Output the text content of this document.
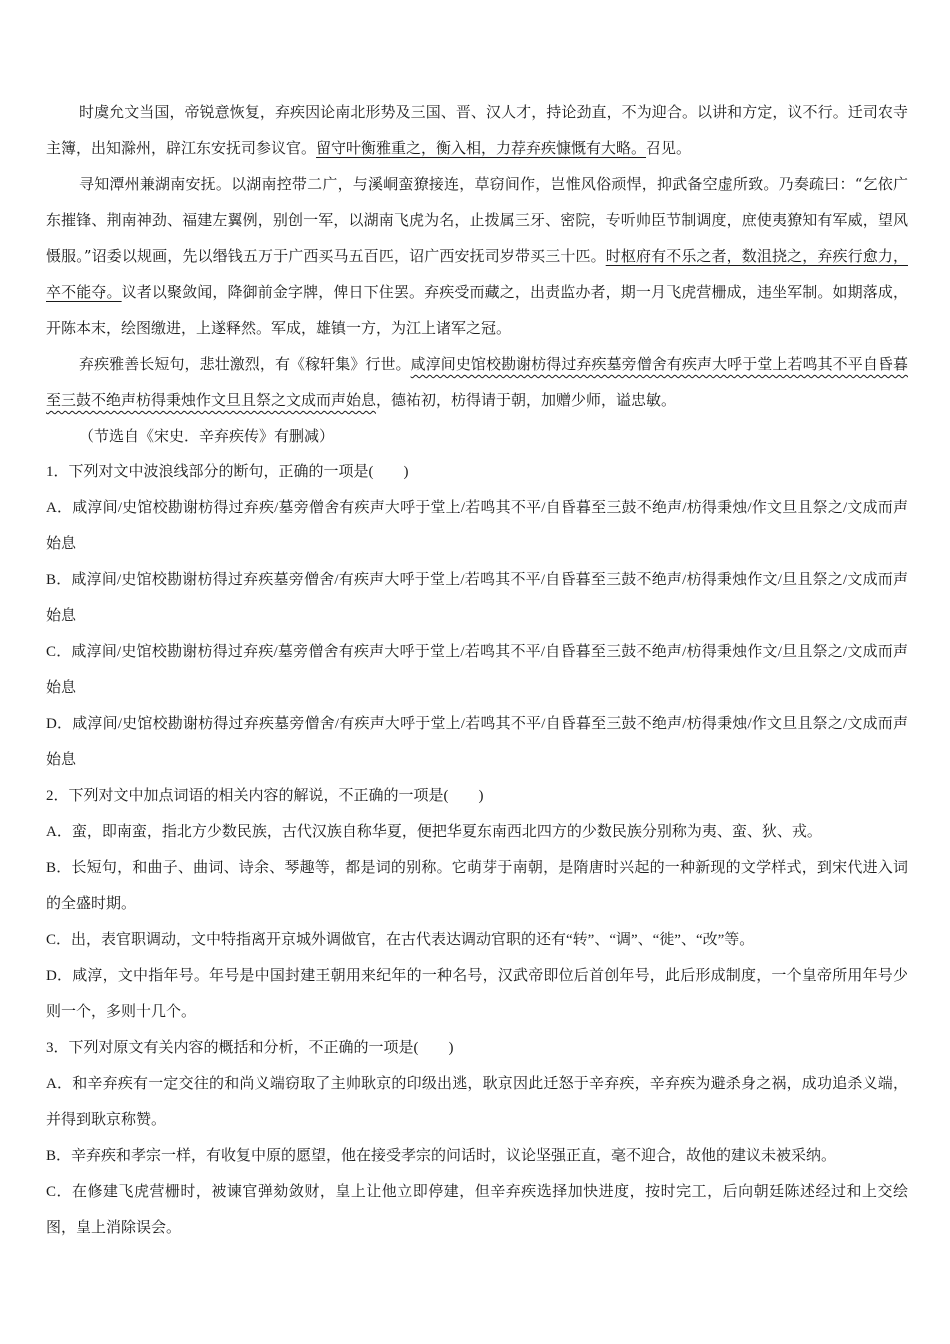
时虞允文当国，帝锐意恢复，弃疾因论南北形势及三国、晋、汉人才，持论劲直，不为迎合。以讲和方定，议不行。迁司农寺主簿，出知滁州，辟江东安抚司参议官。留守叶衡雅重之，衡入相，力荐弃疾慷慨有大略。召见。

寻知潭州兼湖南安抚。以湖南控带二广，与溪峒蛮獠接连，草窃间作，岂惟风俗顽悍，抑武备空虚所致。乃奏疏曰：“乞依广东摧锋、荆南神劲、福建左翼例，别创一军，以湖南飞虎为名，止拨属三牙、密院，专听帅臣节制调度，庶使夷獠知有军威，望风慑服。”诏委以规画，先以缗钱五万于广西买马五百匹，诏广西安抚司岁带买三十匹。时枢府有不乐之者，数沮挠之，弃疾行愈力，卒不能夺。议者以聚敛闻，降御前金字牌，俾日下住罢。弃疾受而藏之，出责监办者，期一月飞虎营栅成，违坐军制。如期落成，开陈本末，绘图缴进，上遂释然。军成，雄镇一方，为江上诸军之冠。

弃疾雅善长短句，悲壮激烈，有《稼轩集》行世。咸淳间史馆校勘谢枋得过弃疾墓旁僧舍有疾声大呼于堂上若鸣其不平自昏暮至三鼓不绝声枋得秉烛作文旦且祭之文成而声始息，德祐初，枋得请于朝，加赠少师，谥忠敏。

（节选自《宋史．辛弃疾传》有删减）

1．下列对文中波浪线部分的断句，正确的一项是(　　)

A．咸淳间/史馆校勘谢枋得过弃疾/墓旁僧舍有疾声大呼于堂上/若鸣其不平/自昏暮至三鼓不绝声/枋得秉烛/作文旦且祭之/文成而声始息

B．咸淳间/史馆校勘谢枋得过弃疾墓旁僧舍/有疾声大呼于堂上/若鸣其不平/自昏暮至三鼓不绝声/枋得秉烛作文/旦且祭之/文成而声始息

C．咸淳间/史馆校勘谢枋得过弃疾/墓旁僧舍有疾声大呼于堂上/若鸣其不平/自昏暮至三鼓不绝声/枋得秉烛作文/旦且祭之/文成而声始息

D．咸淳间/史馆校勘谢枋得过弃疾墓旁僧舍/有疾声大呼于堂上/若鸣其不平/自昏暮至三鼓不绝声/枋得秉烛/作文旦且祭之/文成而声始息

2．下列对文中加点词语的相关内容的解说，不正确的一项是(　　)

A．蛮，即南蛮，指北方少数民族，古代汉族自称华夏，便把华夏东南西北四方的少数民族分别称为夷、蛮、狄、戎。

B．长短句，和曲子、曲词、诗余、琴趣等，都是词的别称。它萌芽于南朝，是隋唐时兴起的一种新现的文学样式，到宋代进入词的全盛时期。

C．出，表官职调动，文中特指离开京城外调做官，在古代表达调动官职的还有“转”、“调”、“徙”、“改”等。

D．咸淳，文中指年号。年号是中国封建王朝用来纪年的一种名号，汉武帝即位后首创年号，此后形成制度，一个皇帝所用年号少则一个，多则十几个。

3．下列对原文有关内容的概括和分析，不正确的一项是(　　)

A．和辛弃疾有一定交往的和尚义端窃取了主帅耿京的印级出逃，耿京因此迁怒于辛弃疾，辛弃疾为避杀身之祸，成功追杀义端，并得到耿京称赞。

B．辛弃疾和孝宗一样，有收复中原的愿望，他在接受孝宗的问话时，议论坚强正直，毫不迎合，故他的建议未被采纳。

C．在修建飞虎营栅时，被谏官弹劾敛财，皇上让他立即停建，但辛弃疾选择加快进度，按时完工，后向朝廷陈述经过和上交绘图，皇上消除误会。
